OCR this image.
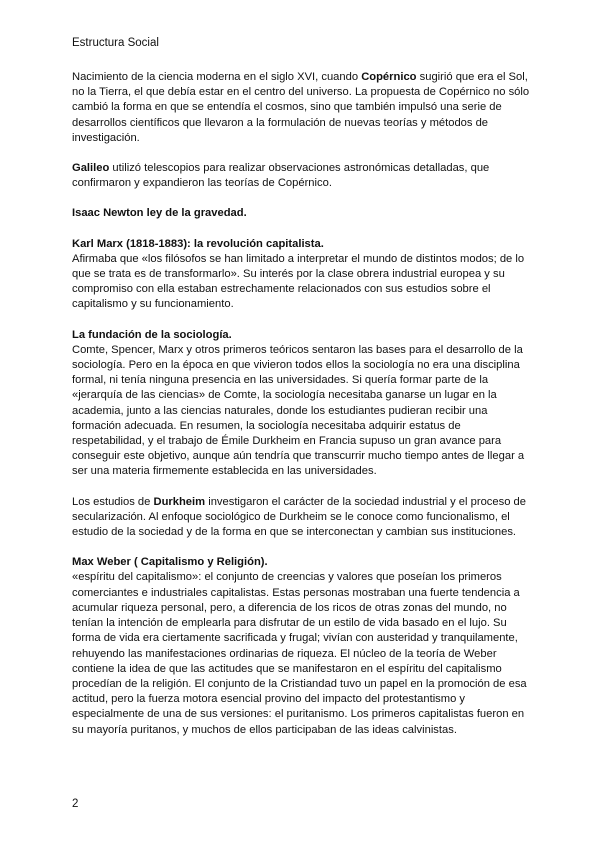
Estructura Social

Nacimiento de la ciencia moderna en el siglo XVI, cuando Copérnico sugirió que era el Sol, no la Tierra, el que debía estar en el centro del universo. La propuesta de Copérnico no sólo cambió la forma en que se entendía el cosmos, sino que también impulsó una serie de desarrollos científicos que llevaron a la formulación de nuevas teorías y métodos de investigación.

Galileo utilizó telescopios para realizar observaciones astronómicas detalladas, que confirmaron y expandieron las teorías de Copérnico.

Isaac Newton ley de la gravedad.

Karl Marx (1818-1883): la revolución capitalista.

Afirmaba que «los filósofos se han limitado a interpretar el mundo de distintos modos; de lo que se trata es de transformarlo». Su interés por la clase obrera industrial europea y su compromiso con ella estaban estrechamente relacionados con sus estudios sobre el capitalismo y su funcionamiento.

La fundación de la sociología.

Comte, Spencer, Marx y otros primeros teóricos sentaron las bases para el desarrollo de la sociología. Pero en la época en que vivieron todos ellos la sociología no era una disciplina formal, ni tenía ninguna presencia en las universidades. Si quería formar parte de la «jerarquía de las ciencias» de Comte, la sociología necesitaba ganarse un lugar en la academia, junto a las ciencias naturales, donde los estudiantes pudieran recibir una formación adecuada. En resumen, la sociología necesitaba adquirir estatus de respetabilidad, y el trabajo de Émile Durkheim en Francia supuso un gran avance para conseguir este objetivo, aunque aún tendría que transcurrir mucho tiempo antes de llegar a ser una materia firmemente establecida en las universidades.

Los estudios de Durkheim investigaron el carácter de la sociedad industrial y el proceso de secularización. Al enfoque sociológico de Durkheim se le conoce como funcionalismo, el estudio de la sociedad y de la forma en que se interconectan y cambian sus instituciones.

Max Weber ( Capitalismo y Religión).

«espíritu del capitalismo»: el conjunto de creencias y valores que poseían los primeros comerciantes e industriales capitalistas. Estas personas mostraban una fuerte tendencia a acumular riqueza personal, pero, a diferencia de los ricos de otras zonas del mundo, no tenían la intención de emplearla para disfrutar de un estilo de vida basado en el lujo. Su forma de vida era ciertamente sacrificada y frugal; vivían con austeridad y tranquilamente, rehuyendo las manifestaciones ordinarias de riqueza. El núcleo de la teoría de Weber contiene la idea de que las actitudes que se manifestaron en el espíritu del capitalismo procedían de la religión. El conjunto de la Cristiandad tuvo un papel en la promoción de esa actitud, pero la fuerza motora esencial provino del impacto del protestantismo y especialmente de una de sus versiones: el puritanismo. Los primeros capitalistas fueron en su mayoría puritanos, y muchos de ellos participaban de las ideas calvinistas.

2
